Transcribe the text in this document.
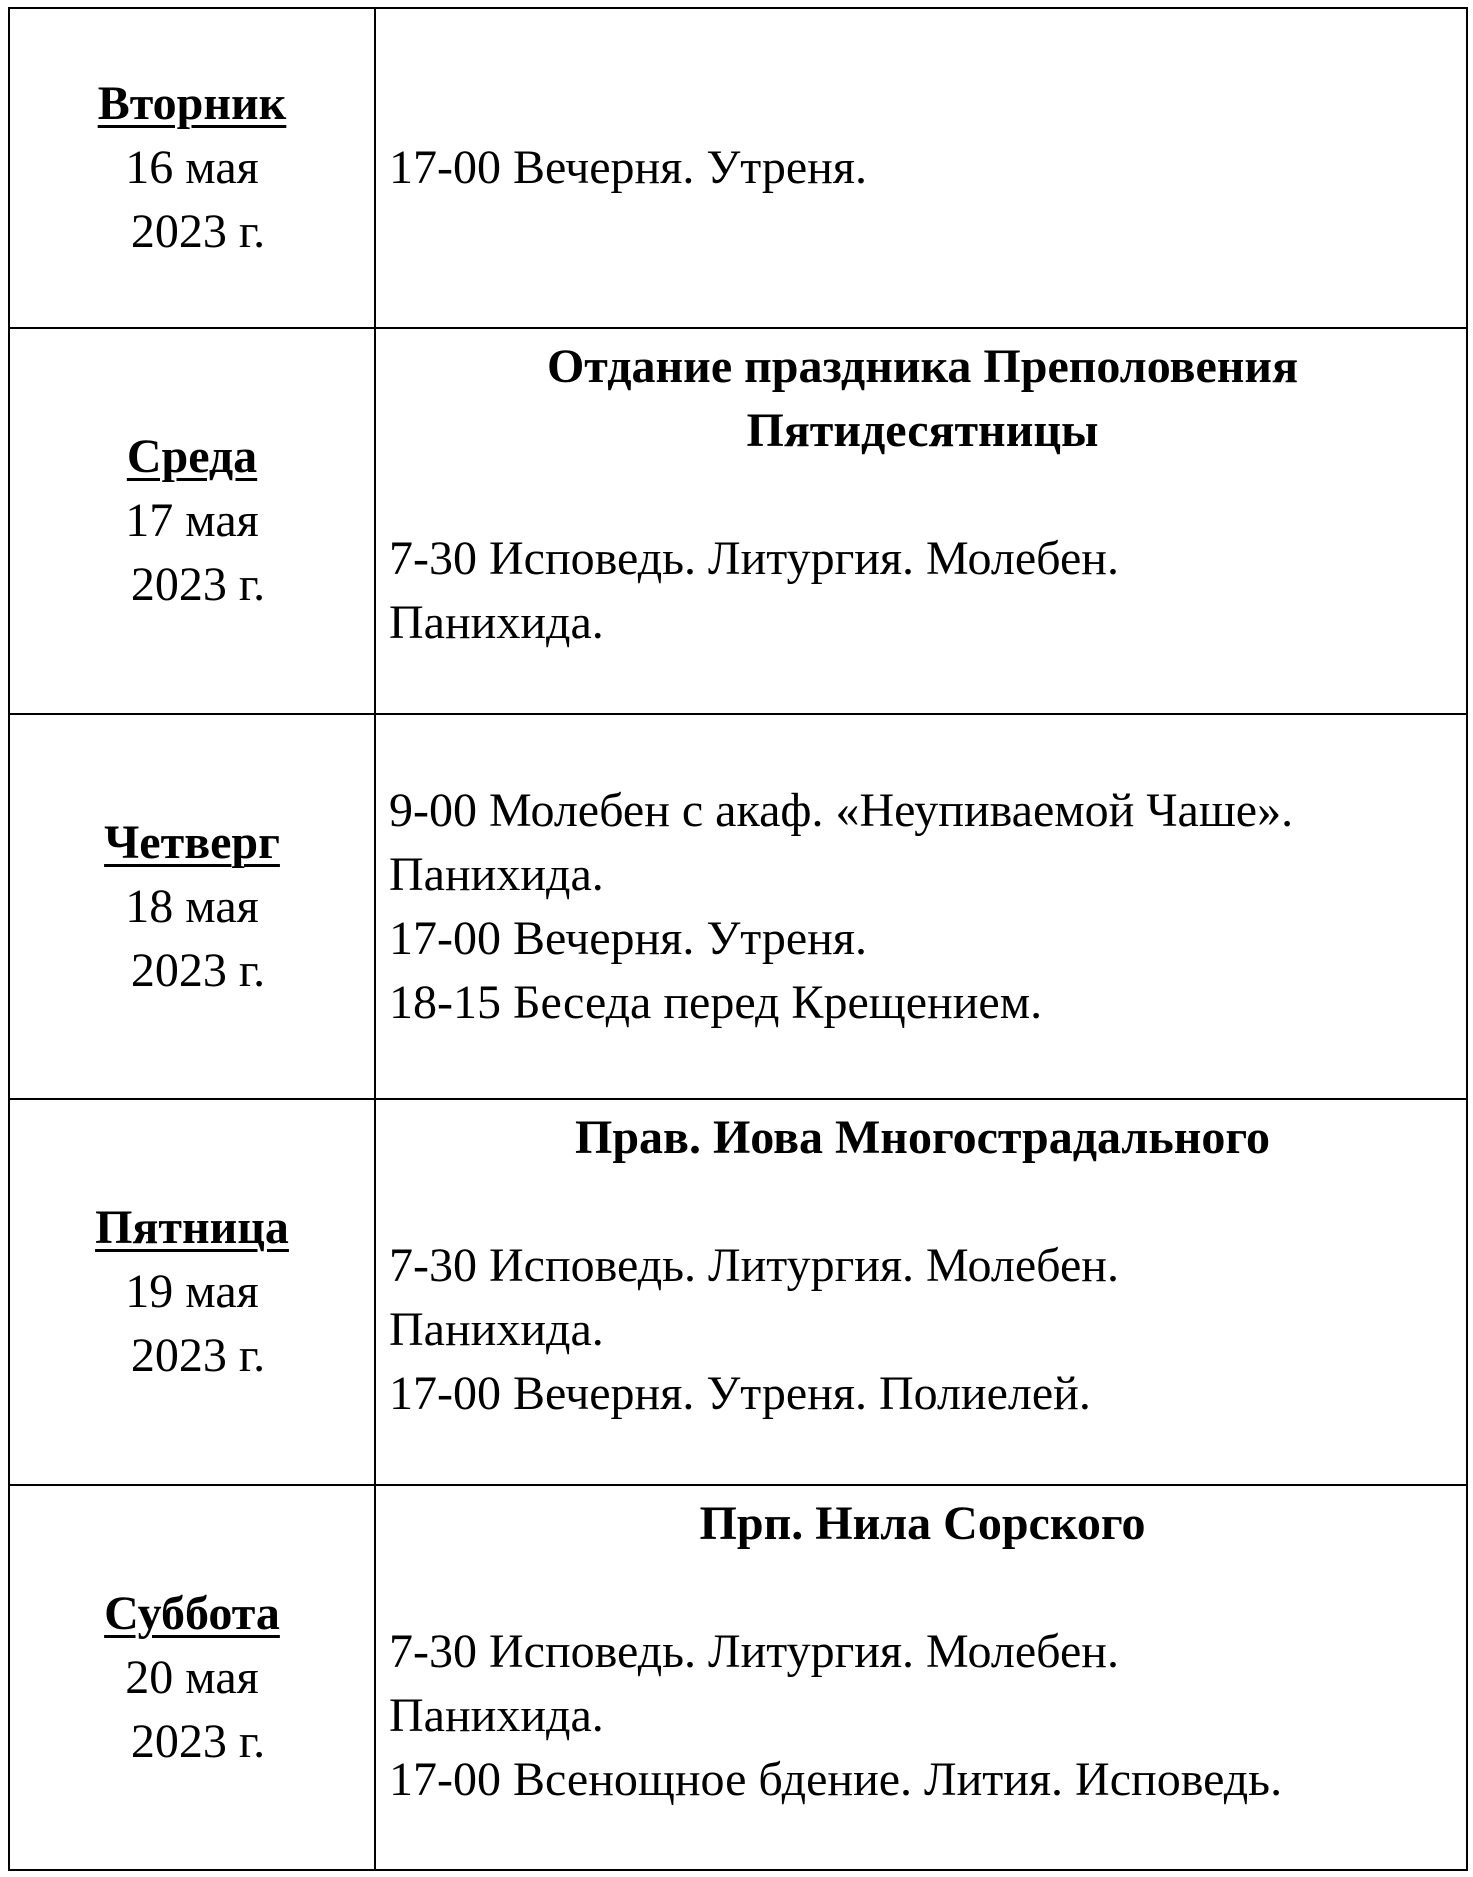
Вторник
16 мая
2023 г.	17-00 Вечерня. Утреня.

Среда
17 мая
2023 г.	Отдание праздника Преполовения
Пятидесятницы
7-30 Исповедь. Литургия. Молебен.
Панихида.

Четверг
18 мая
2023 г.	9-00 Молебен с акаф. «Неупиваемой Чаше».
Панихида.
17-00 Вечерня. Утреня.
18-15 Беседа перед Крещением.

Пятница
19 мая
2023 г.	Прав. Иова Многострадального
7-30 Исповедь. Литургия. Молебен.
Панихида.
17-00 Вечерня. Утреня. Полиелей.

Суббота
20 мая
2023 г.	Прп. Нила Сорского
7-30 Исповедь. Литургия. Молебен.
Панихида.
17-00 Всенощное бдение. Лития. Исповедь.
